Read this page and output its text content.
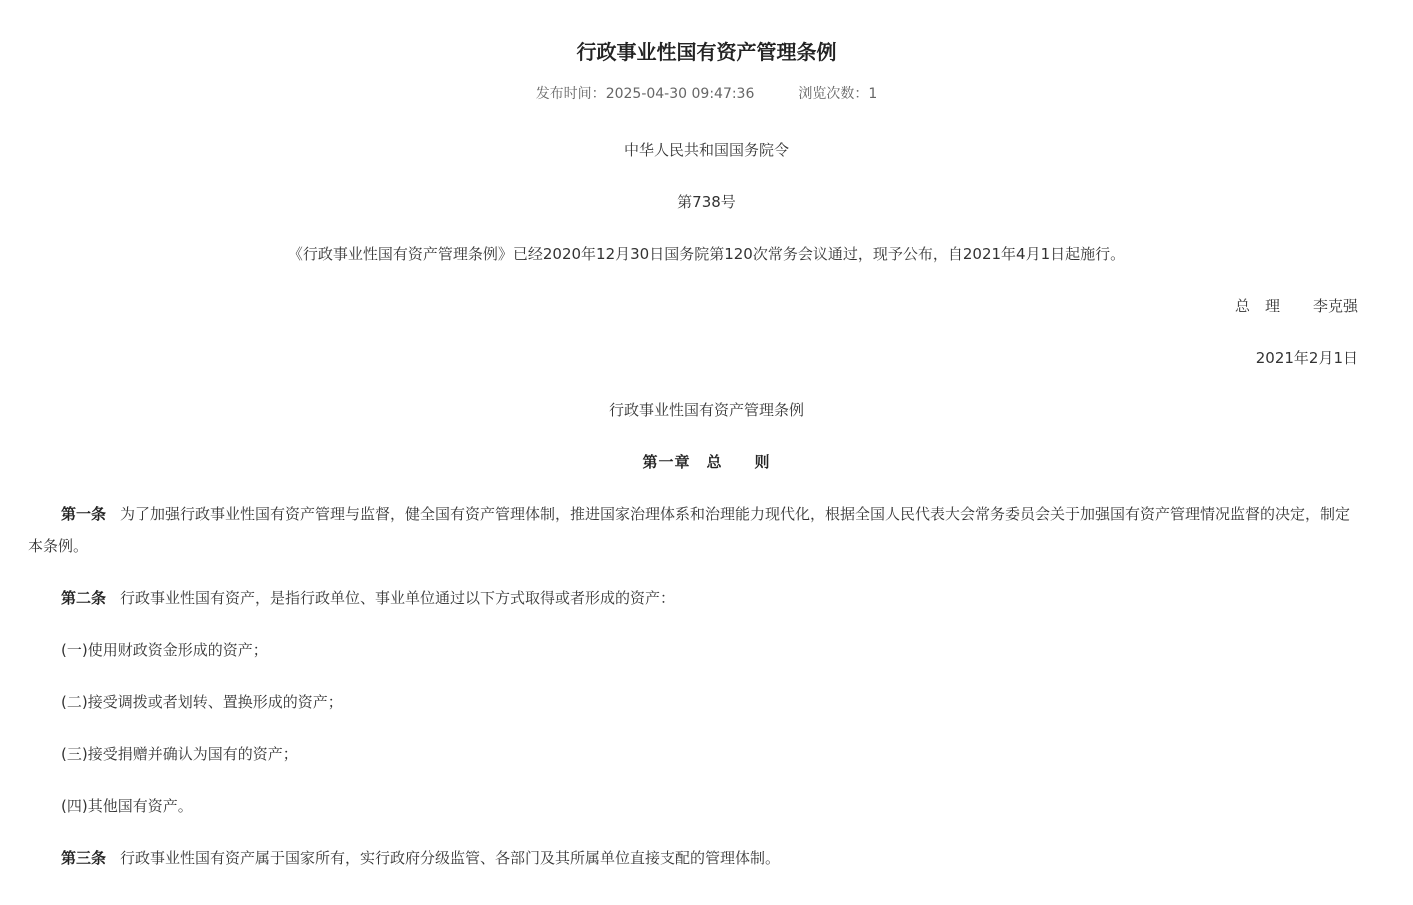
行政事业性国有资产管理条例
发布时间：2025-04-30 09:47:36	浏览次数：1
中华人民共和国国务院令
第738号
《行政事业性国有资产管理条例》已经2020年12月30日国务院第120次常务会议通过，现予公布，自2021年4月1日起施行。
总　理 李克强
2021年2月1日
行政事业性国有资产管理条例
第一章　总　　则
第一条 为了加强行政事业性国有资产管理与监督，健全国有资产管理体制，推进国家治理体系和治理能力现代化，根据全国人民代表大会常务委员会关于加强国有资产管理情况监督的决定，制定本条例。
第二条 行政事业性国有资产，是指行政单位、事业单位通过以下方式取得或者形成的资产：
(一)使用财政资金形成的资产；
(二)接受调拨或者划转、置换形成的资产；
(三)接受捐赠并确认为国有的资产；
(四)其他国有资产。
第三条 行政事业性国有资产属于国家所有，实行政府分级监管、各部门及其所属单位直接支配的管理体制。
